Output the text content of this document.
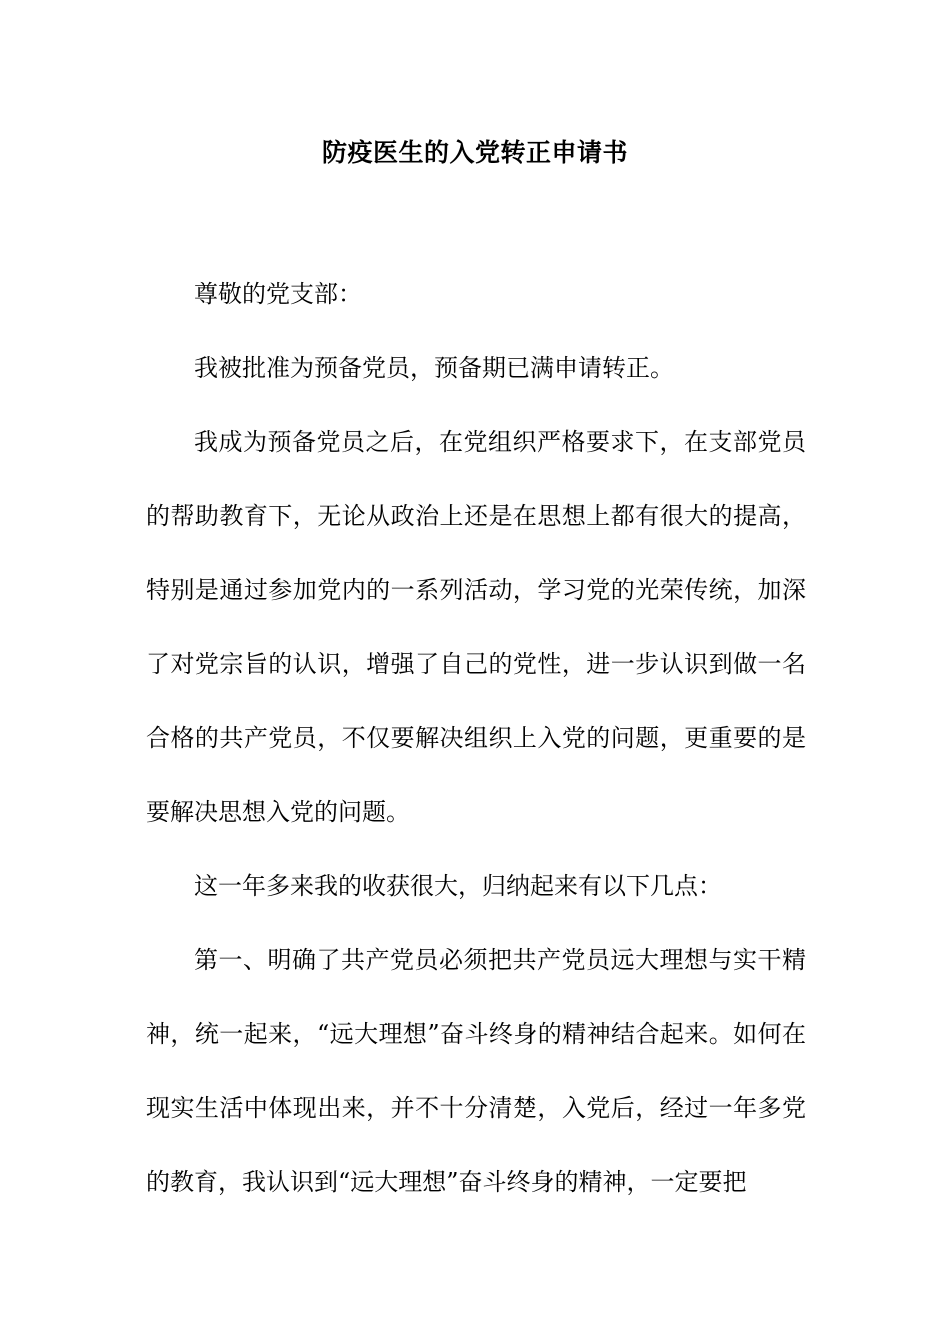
防疫医生的入党转正申请书

尊敬的党支部：

我被批准为预备党员，预备期已满申请转正。

我成为预备党员之后，在党组织严格要求下，在支部党员的帮助教育下，无论从政治上还是在思想上都有很大的提高，特别是通过参加党内的一系列活动，学习党的光荣传统，加深了对党宗旨的认识，增强了自己的党性，进一步认识到做一名合格的共产党员，不仅要解决组织上入党的问题，更重要的是要解决思想入党的问题。

这一年多来我的收获很大，归纳起来有以下几点：

第一、明确了共产党员必须把共产党员远大理想与实干精神，统一起来，“远大理想”奋斗终身的精神结合起来。如何在现实生活中体现出来，并不十分清楚，入党后，经过一年多党的教育，我认识到“远大理想”奋斗终身的精神，一定要把
